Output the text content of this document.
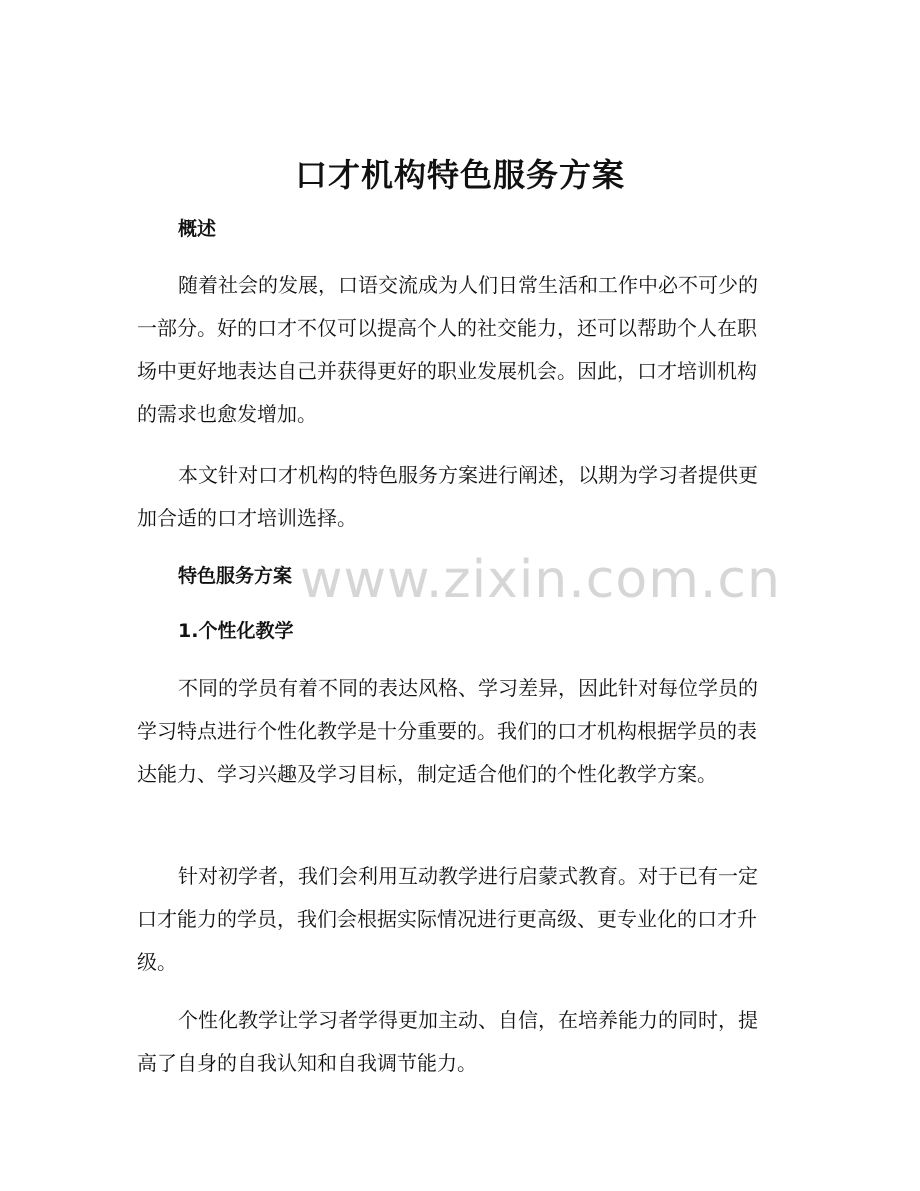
www.zixin.com.cn
口才机构特色服务方案
概述

随着社会的发展，口语交流成为人们日常生活和工作中必不可少的一部分。好的口才不仅可以提高个人的社交能力，还可以帮助个人在职场中更好地表达自己并获得更好的职业发展机会。因此，口才培训机构的需求也愈发增加。

本文针对口才机构的特色服务方案进行阐述，以期为学习者提供更加合适的口才培训选择。

特色服务方案
1.个性化教学

不同的学员有着不同的表达风格、学习差异，因此针对每位学员的学习特点进行个性化教学是十分重要的。我们的口才机构根据学员的表达能力、学习兴趣及学习目标，制定适合他们的个性化教学方案。

针对初学者，我们会利用互动教学进行启蒙式教育。对于已有一定口才能力的学员，我们会根据实际情况进行更高级、更专业化的口才升级。

个性化教学让学习者学得更加主动、自信，在培养能力的同时，提高了自身的自我认知和自我调节能力。
